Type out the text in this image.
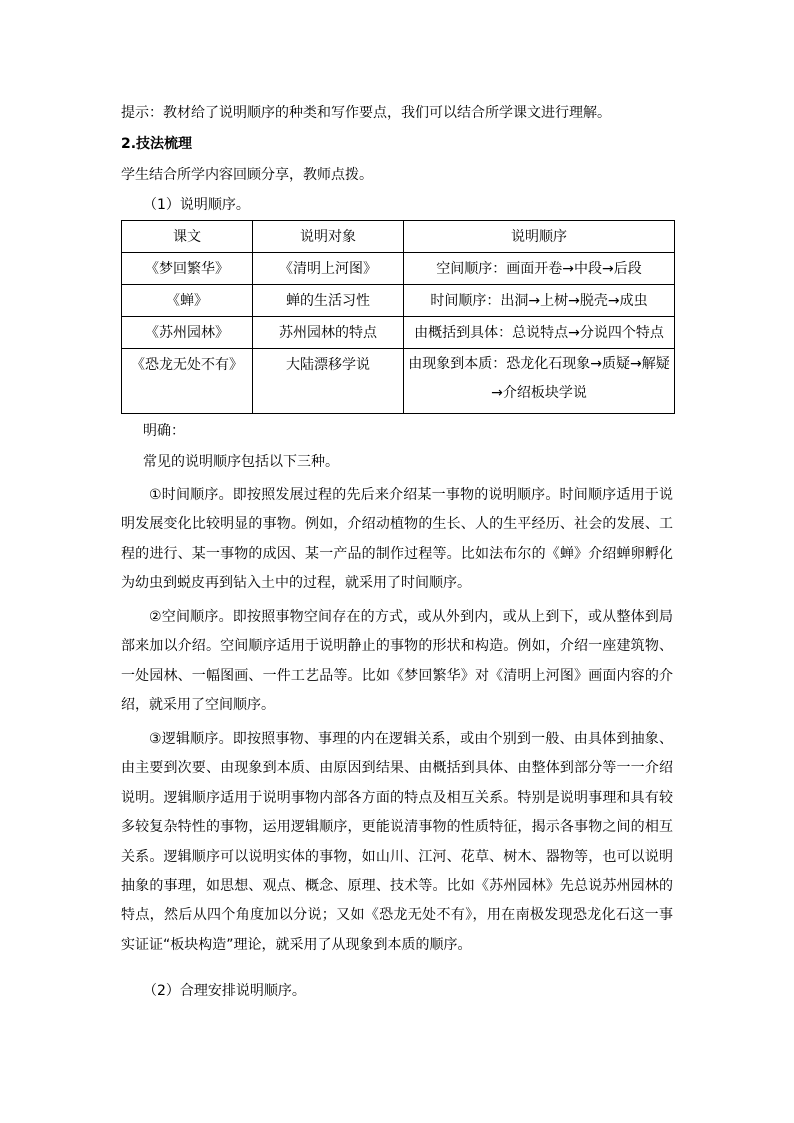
提示：教材给了说明顺序的种类和写作要点，我们可以结合所学课文进行理解。
2.技法梳理
学生结合所学内容回顾分享，教师点拨。
（1）说明顺序。
课文	说明对象	说明顺序
《梦回繁华》	《清明上河图》	空间顺序：画面开卷→中段→后段
《蝉》	蝉的生活习性	时间顺序：出洞→上树→脱壳→成虫
《苏州园林》	苏州园林的特点	由概括到具体：总说特点→分说四个特点
《恐龙无处不有》	大陆漂移学说	由现象到本质：恐龙化石现象→质疑→解疑→介绍板块学说
明确：
常见的说明顺序包括以下三种。

①时间顺序。即按照发展过程的先后来介绍某一事物的说明顺序。时间顺序适用于说明发展变化比较明显的事物。例如，介绍动植物的生长、人的生平经历、社会的发展、工程的进行、某一事物的成因、某一产品的制作过程等。比如法布尔的《蝉》介绍蝉卵孵化为幼虫到蜕皮再到钻入土中的过程，就采用了时间顺序。

②空间顺序。即按照事物空间存在的方式，或从外到内，或从上到下，或从整体到局部来加以介绍。空间顺序适用于说明静止的事物的形状和构造。例如，介绍一座建筑物、一处园林、一幅图画、一件工艺品等。比如《梦回繁华》对《清明上河图》画面内容的介绍，就采用了空间顺序。

③逻辑顺序。即按照事物、事理的内在逻辑关系，或由个别到一般、由具体到抽象、由主要到次要、由现象到本质、由原因到结果、由概括到具体、由整体到部分等一一介绍说明。逻辑顺序适用于说明事物内部各方面的特点及相互关系。特别是说明事理和具有较多较复杂特性的事物，运用逻辑顺序，更能说清事物的性质特征，揭示各事物之间的相互关系。逻辑顺序可以说明实体的事物，如山川、江河、花草、树木、器物等，也可以说明抽象的事理，如思想、观点、概念、原理、技术等。比如《苏州园林》先总说苏州园林的特点，然后从四个角度加以分说；又如《恐龙无处不有》，用在南极发现恐龙化石这一事实证证“板块构造”理论，就采用了从现象到本质的顺序。

（2）合理安排说明顺序。
